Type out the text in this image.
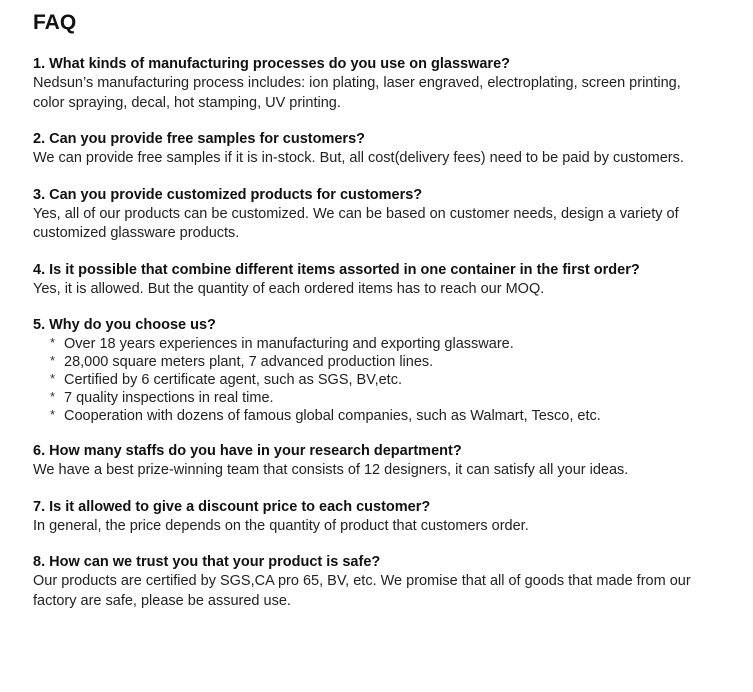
FAQ

1. What kinds of manufacturing processes do you use on glassware?

Nedsun’s manufacturing process includes: ion plating, laser engraved, electroplating, screen printing, color spraying, decal, hot stamping, UV printing.

2. Can you provide free samples for customers?

We can provide free samples if it is in-stock. But, all cost(delivery fees) need to be paid by customers.

3. Can you provide customized products for customers?

Yes, all of our products can be customized. We can be based on customer needs, design a variety of customized glassware products.

4. Is it possible that combine different items assorted in one container in the first order?

Yes, it is allowed. But the quantity of each ordered items has to reach our MOQ.

5. Why do you choose us?

* Over 18 years experiences in manufacturing and exporting glassware.
* 28,000 square meters plant, 7 advanced production lines.
* Certified by 6 certificate agent, such as SGS, BV,etc.
* 7 quality inspections in real time.
* Cooperation with dozens of famous global companies, such as Walmart, Tesco, etc.

6. How many staffs do you have in your research department?

We have a best prize-winning team that consists of 12 designers, it can satisfy all your ideas.

7. Is it allowed to give a discount price to each customer?

In general, the price depends on the quantity of product that customers order.

8. How can we trust you that your product is safe?

Our products are certified by SGS,CA pro 65, BV, etc. We promise that all of goods that made from our factory are safe, please be assured use.
